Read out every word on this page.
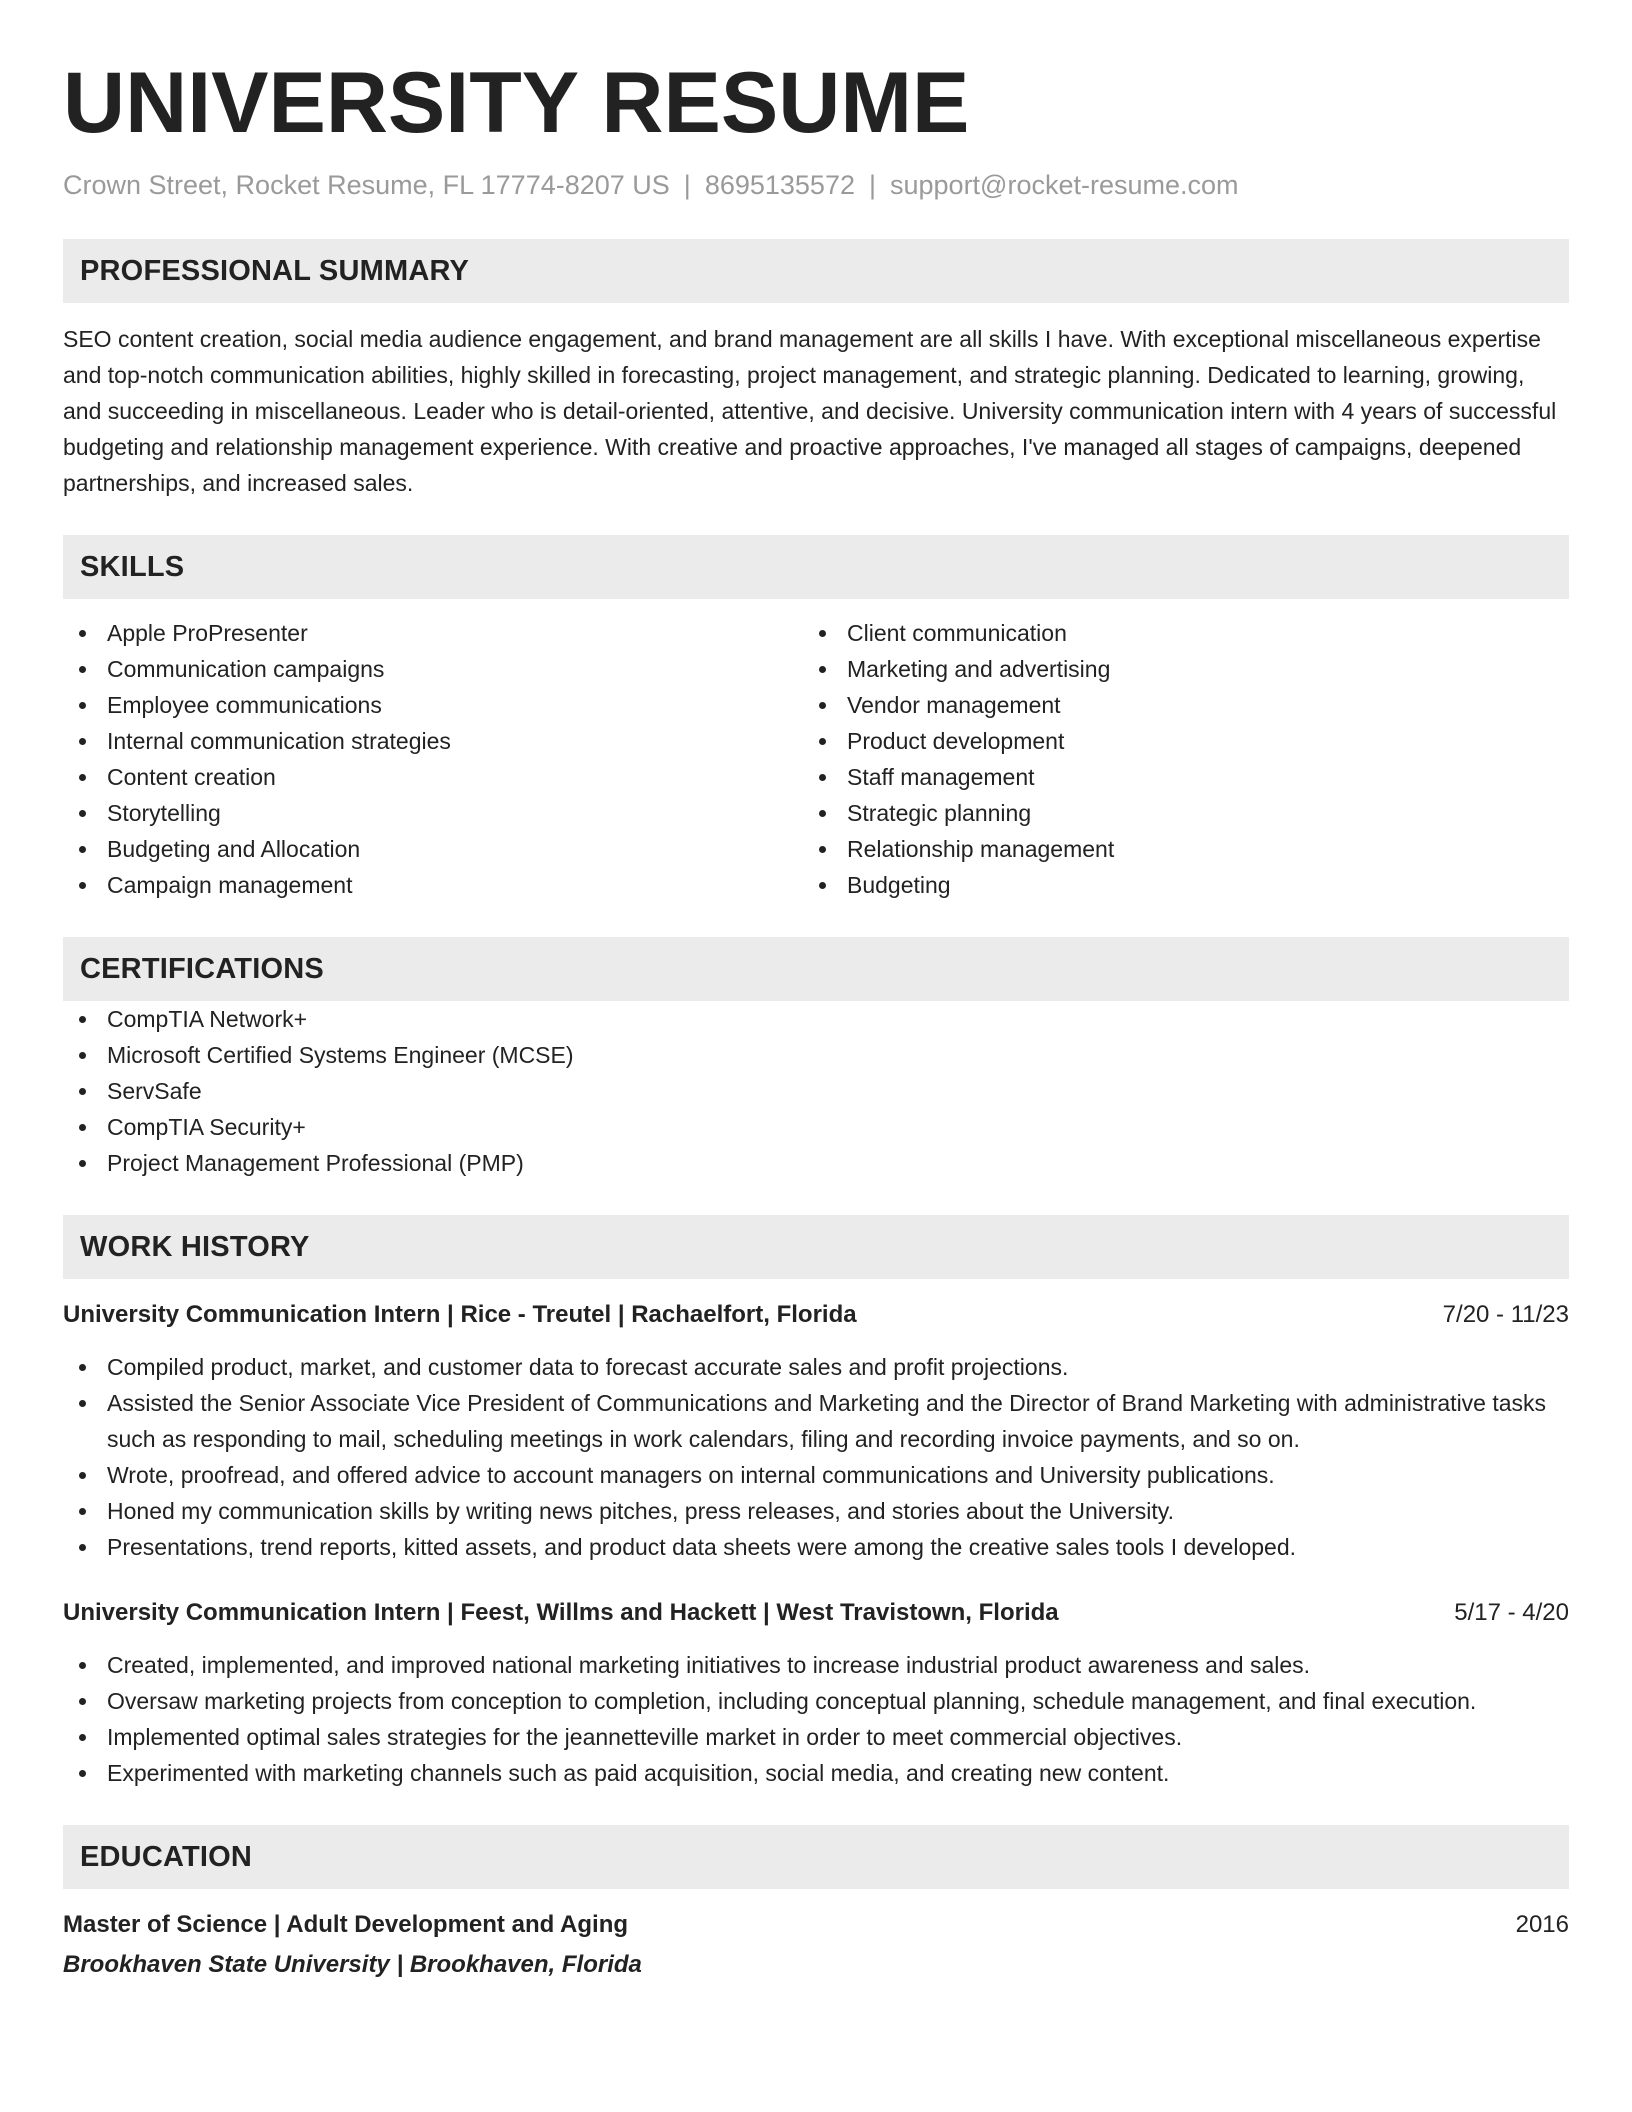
UNIVERSITY RESUME
Crown Street, Rocket Resume, FL 17774-8207 US | 8695135572 | support@rocket-resume.com
PROFESSIONAL SUMMARY

SEO content creation, social media audience engagement, and brand management are all skills I have. With exceptional miscellaneous expertise and top-notch communication abilities, highly skilled in forecasting, project management, and strategic planning. Dedicated to learning, growing, and succeeding in miscellaneous. Leader who is detail-oriented, attentive, and decisive. University communication intern with 4 years of successful budgeting and relationship management experience. With creative and proactive approaches, I've managed all stages of campaigns, deepened partnerships, and increased sales.

SKILLS
Apple ProPresenter
Communication campaigns
Employee communications
Internal communication strategies
Content creation
Storytelling
Budgeting and Allocation
Campaign management
Client communication
Marketing and advertising
Vendor management
Product development
Staff management
Strategic planning
Relationship management
Budgeting
CERTIFICATIONS
CompTIA Network+
Microsoft Certified Systems Engineer (MCSE)
ServSafe
CompTIA Security+
Project Management Professional (PMP)
WORK HISTORY
University Communication Intern | Rice - Treutel | Rachaelfort, Florida	7/20 - 11/23
Compiled product, market, and customer data to forecast accurate sales and profit projections.
Assisted the Senior Associate Vice President of Communications and Marketing and the Director of Brand Marketing with administrative tasks such as responding to mail, scheduling meetings in work calendars, filing and recording invoice payments, and so on.
Wrote, proofread, and offered advice to account managers on internal communications and University publications.
Honed my communication skills by writing news pitches, press releases, and stories about the University.
Presentations, trend reports, kitted assets, and product data sheets were among the creative sales tools I developed.
University Communication Intern | Feest, Willms and Hackett | West Travistown, Florida	5/17 - 4/20
Created, implemented, and improved national marketing initiatives to increase industrial product awareness and sales.
Oversaw marketing projects from conception to completion, including conceptual planning, schedule management, and final execution.
Implemented optimal sales strategies for the jeannetteville market in order to meet commercial objectives.
Experimented with marketing channels such as paid acquisition, social media, and creating new content.
EDUCATION
Master of Science | Adult Development and Aging	2016
Brookhaven State University | Brookhaven, Florida
